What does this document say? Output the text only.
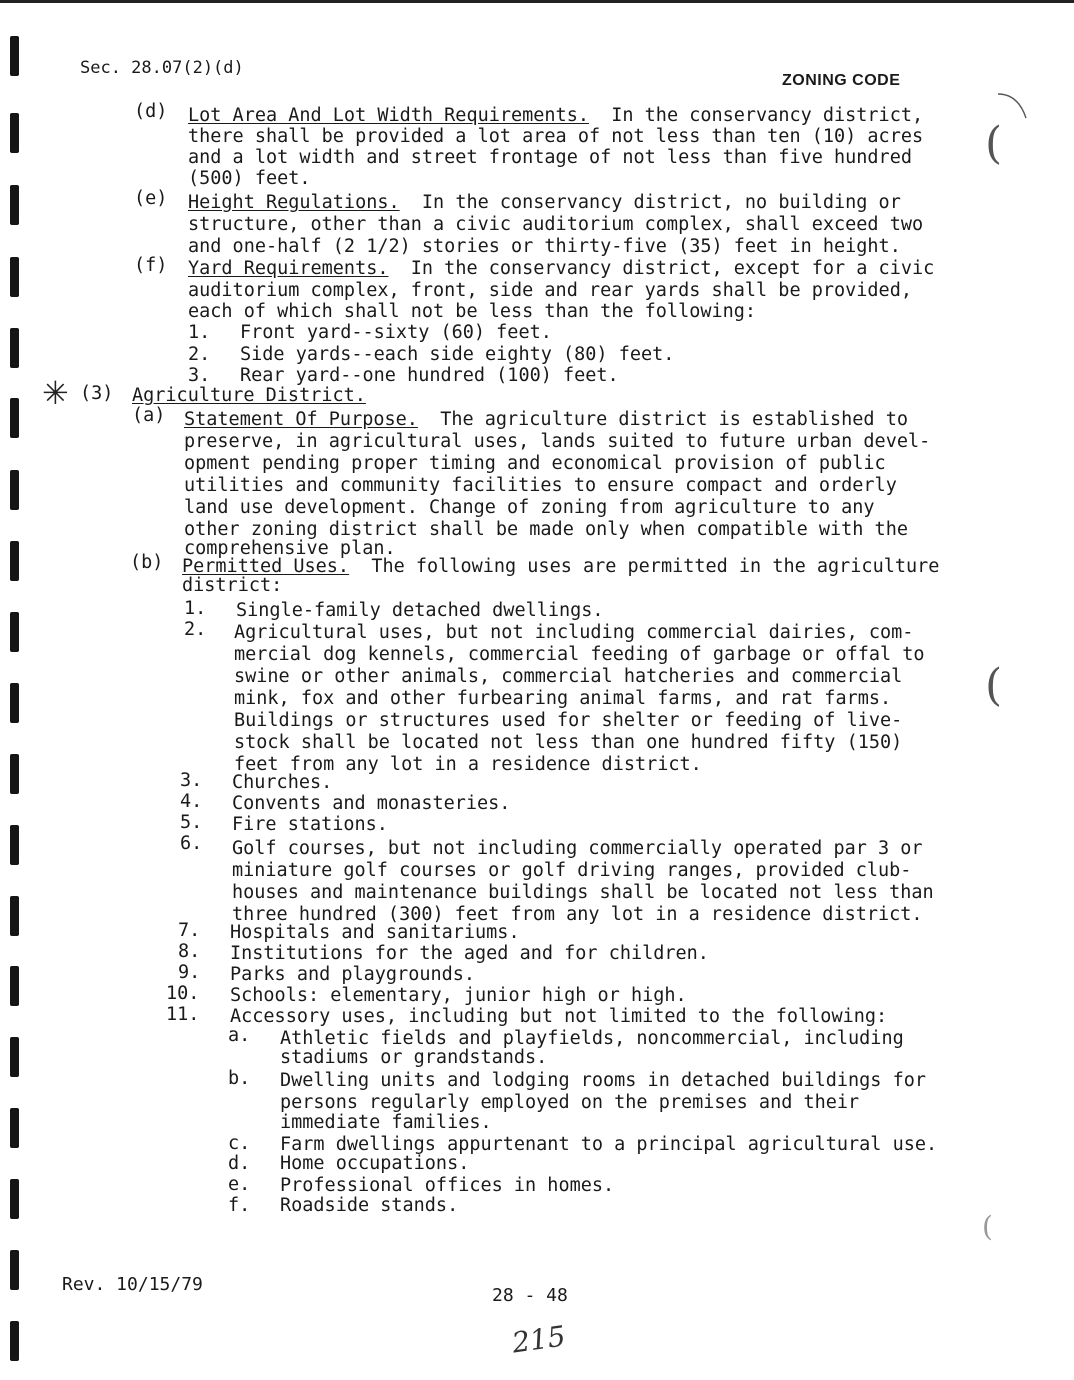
(
(
(
Sec. 28.07(2)(d)
ZONING CODE
(d) Lot Area And Lot Width Requirements. In the conservancy district,
there shall be provided a lot area of not less than ten (10) acres
and a lot width and street frontage of not less than five hundred
(500) feet.
(e) Height Regulations. In the conservancy district, no building or
structure, other than a civic auditorium complex, shall exceed two
and one-half (2 1/2) stories or thirty-five (35) feet in height.
(f) Yard Requirements. In the conservancy district, except for a civic
auditorium complex, front, side and rear yards shall be provided,
each of which shall not be less than the following:
1. Front yard--sixty (60) feet.
2. Side yards--each side eighty (80) feet.
3. Rear yard--one hundred (100) feet.
✳ (3) Agriculture District.
(a) Statement Of Purpose. The agriculture district is established to
preserve, in agricultural uses, lands suited to future urban devel-
opment pending proper timing and economical provision of public
utilities and community facilities to ensure compact and orderly
land use development. Change of zoning from agriculture to any
other zoning district shall be made only when compatible with the
comprehensive plan.
(b) Permitted Uses. The following uses are permitted in the agriculture
district:
1. Single-family detached dwellings.
2. Agricultural uses, but not including commercial dairies, com-
mercial dog kennels, commercial feeding of garbage or offal to
swine or other animals, commercial hatcheries and commercial
mink, fox and other furbearing animal farms, and rat farms.
Buildings or structures used for shelter or feeding of live-
stock shall be located not less than one hundred fifty (150)
feet from any lot in a residence district.
3. Churches.
4. Convents and monasteries.
5. Fire stations.
6. Golf courses, but not including commercially operated par 3 or
miniature golf courses or golf driving ranges, provided club-
houses and maintenance buildings shall be located not less than
three hundred (300) feet from any lot in a residence district.
7. Hospitals and sanitariums.
8. Institutions for the aged and for children.
9. Parks and playgrounds.
10. Schools: elementary, junior high or high.
11. Accessory uses, including but not limited to the following:
a. Athletic fields and playfields, noncommercial, including
stadiums or grandstands.
b. Dwelling units and lodging rooms in detached buildings for
persons regularly employed on the premises and their
immediate families.
c. Farm dwellings appurtenant to a principal agricultural use.
d. Home occupations.
e. Professional offices in homes.
f. Roadside stands.
Rev. 10/15/79
28 - 48
215
